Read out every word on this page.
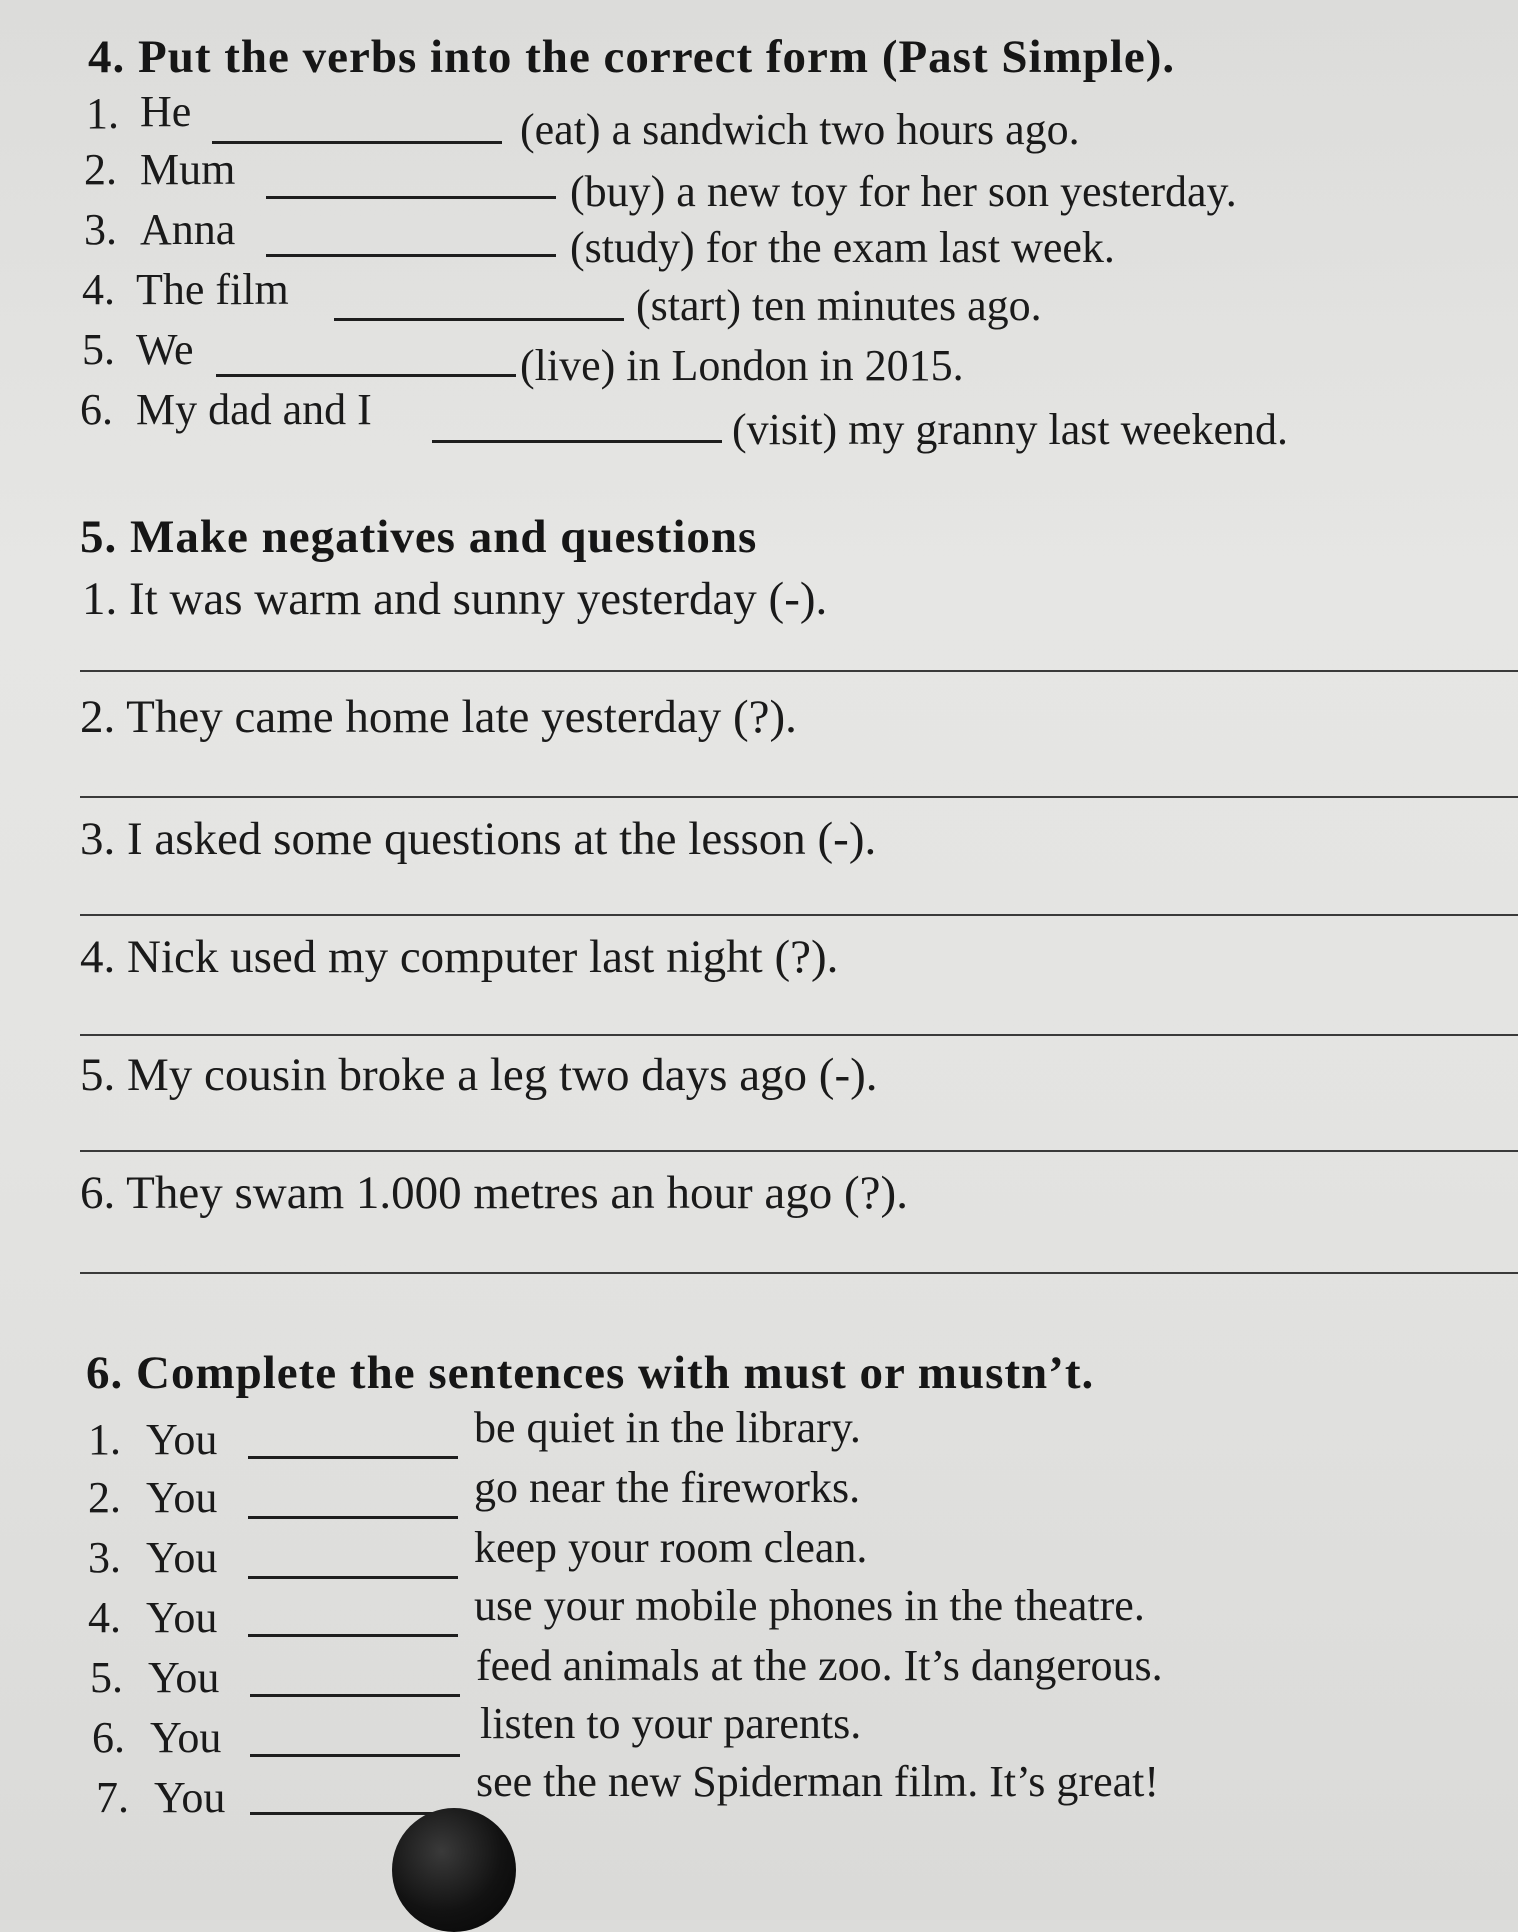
4. Put the verbs into the correct form (Past Simple).
1. He	(eat) a sandwich two hours ago.
2. Mum	(buy) a new toy for her son yesterday.
3. Anna	(study) for the exam last week.
4. The film	(start) ten minutes ago.
5. We	(live) in London in 2015.
6. My dad and I	(visit) my granny last weekend.
5. Make negatives and questions
1. It was warm and sunny yesterday (-).
2. They came home late yesterday (?).
3. I asked some questions at the lesson (-).
4. Nick used my computer last night (?).
5. My cousin broke a leg two days ago (-).
6. They swam 1.000 metres an hour ago (?).
6. Complete the sentences with must or mustn’t.
1. You	be quiet in the library.
2. You	go near the fireworks.
3. You	keep your room clean.
4. You	use your mobile phones in the theatre.
5. You	feed animals at the zoo. It’s dangerous.
6. You	listen to your parents.
7. You	see the new Spiderman film. It’s great!
